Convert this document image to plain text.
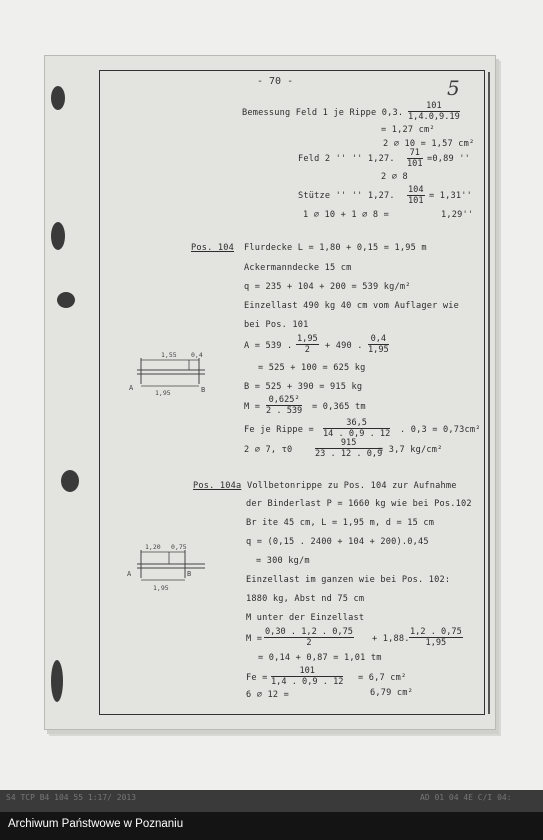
- 70 -	5
Bemessung Feld 1 je Rippe 0,3. $\frac{101}{1,4.0,9.19}$
= 1,27 cm²
2 ∅ 10 = 1,57 cm²
Feld 2 '' '' 1,27. $\frac{71}{101} =0,89$ ''
2 ∅ 8
Stütze '' '' 1,27. $\frac{104}{101} = 1,31''$
1 ∅ 10 + 1 ∅ 8 =	1,29''
Pos. 104 Flurdecke L = 1,80 + 0,15 = 1,95 m
Ackermanndecke 15 cm
q = 235 + 104 + 200 = 539 kg/m²
Einzellast 490 kg 40 cm vom Auflager wie
bei Pos. 101
A = 539 . $\frac{1,95}{2} + 490$ . $\frac{0,4}{1,95}$
= 525 + 100 = 625 kg
B = 525 + 390 = 915 kg
$M = \frac{\text{0,625²}}{2 . 539} = 0,365$ tm
Fe je Rippe = $\frac{36,5}{14 . 0,9 . 12}$ . 0,3 = 0,73cm²
2 ∅ 7, τ0	$\frac{915}{23 . 12 . 0,9}$
= 3,7 kg/cm²
Pos. 104a Vollbetonrippe zu Pos. 104 zur Aufnahme
der Binderlast P = 1660 kg wie bei Pos.102
Br ite 45 cm, L = 1,95 m, d = 15 cm
q = (0,15 . 2400 + 104 + 200).0,45
= 300 kg/m
Einzellast im ganzen wie bei Pos. 102:
1880 kg, Abst nd 75 cm
M unter der Einzellast
$M = \frac{0,30 . 1,2 . 0,75}{2} + 1,88$. $\frac{1,2 . 0,75}{1,95}$
= 0,14 + 0,87 = 1,01 tm
$Fe = \frac{101}{1,4 . 0,9 . 12} = 6,7$ cm²
6 ∅ 12 =	6,79 cm²
1,55 0,4
A
1,95	B
1,20 0,75
A
1,95
B
S4 TCP B4 104 55 1:17/ 2013	AD 01 04 4E C/I 04:
Archiwum Państwowe w Poznaniu
